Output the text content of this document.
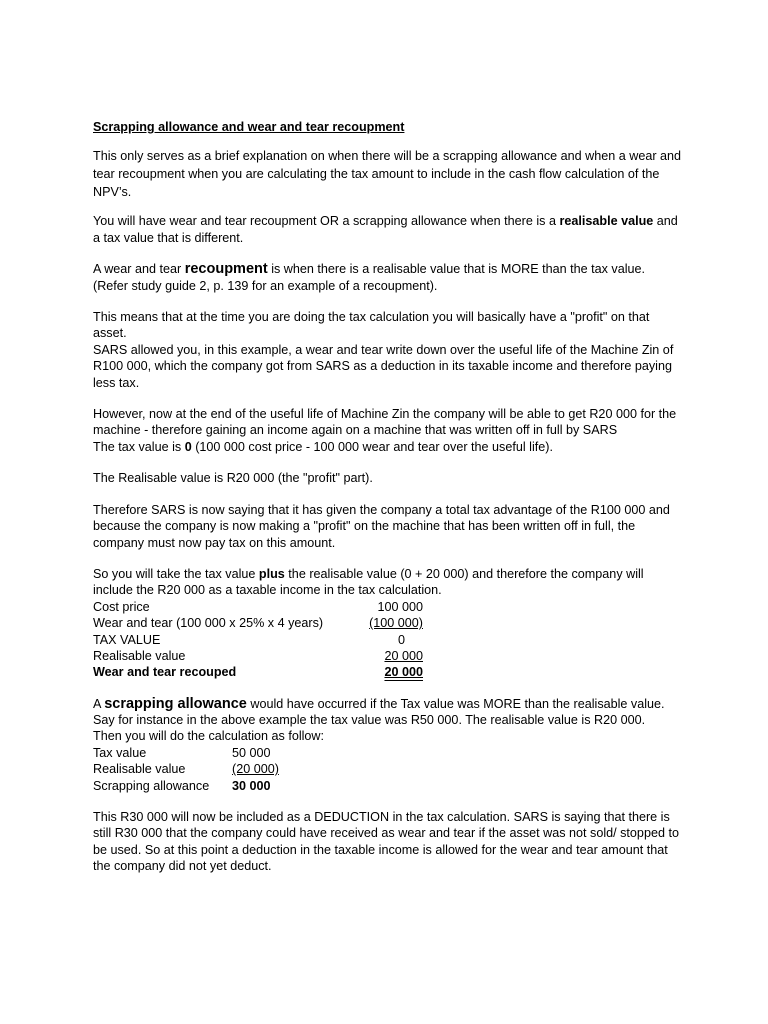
Scrapping allowance and wear and tear recoupment

This only serves as a brief explanation on when there will be a scrapping allowance and when a wear and tear recoupment when you are calculating the tax amount to include in the cash flow calculation of the NPV’s.

You will have wear and tear recoupment OR a scrapping allowance when there is a realisable value and a tax value that is different.

A wear and tear recoupment is when there is a realisable value that is MORE than the tax value. (Refer study guide 2, p. 139 for an example of a recoupment).

This means that at the time you are doing the tax calculation you will basically have a "profit" on that asset.

SARS allowed you, in this example, a wear and tear write down over the useful life of the Machine Zin of R100 000, which the company got from SARS as a deduction in its taxable income and therefore paying less tax.

However, now at the end of the useful life of Machine Zin the company will be able to get R20 000 for the machine - therefore gaining an income again on a machine that was written off in full by SARS

The tax value is 0 (100 000 cost price - 100 000 wear and tear over the useful life).

The Realisable value is R20 000 (the "profit" part).

Therefore SARS is now saying that it has given the company a total tax advantage of the R100 000 and because the company is now making a "profit" on the machine that has been written off in full, the company must now pay tax on this amount.

So you will take the tax value plus the realisable value (0 + 20 000) and therefore the company will include the R20 000 as a taxable income in the tax calculation.

Cost price	100 000
Wear and tear (100 000 x 25% x 4 years)	(100 000)
TAX VALUE	0
Realisable value	20 000
Wear and tear recouped	20 000

A scrapping allowance would have occurred if the Tax value was MORE than the realisable value.

Say for instance in the above example the tax value was R50 000. The realisable value is R20 000.

Then you will do the calculation as follow:

Tax value	50 000
Realisable value	(20 000)
Scrapping allowance	30 000

This R30 000 will now be included as a DEDUCTION in the tax calculation. SARS is saying that there is still R30 000 that the company could have received as wear and tear if the asset was not sold/ stopped to be used. So at this point a deduction in the taxable income is allowed for the wear and tear amount that the company did not yet deduct.
